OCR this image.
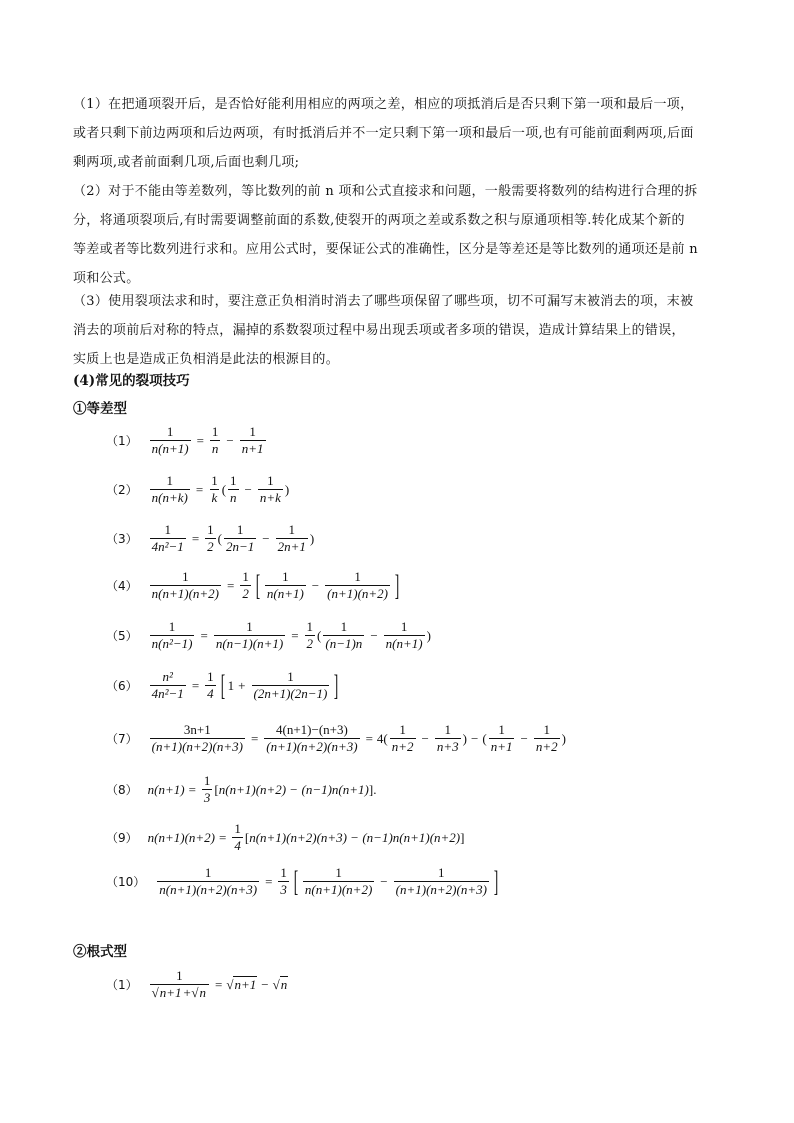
（1）在把通项裂开后，是否恰好能利用相应的两项之差，相应的项抵消后是否只剩下第一项和最后一项，
或者只剩下前边两项和后边两项，有时抵消后并不一定只剩下第一项和最后一项,也有可能前面剩两项,后面
剩两项,或者前面剩几项,后面也剩几项;
（2）对于不能由等差数列，等比数列的前 n 项和公式直接求和问题，一般需要将数列的结构进行合理的拆
分，将通项裂项后,有时需要调整前面的系数,使裂开的两项之差或系数之积与原通项相等.转化成某个新的
等差或者等比数列进行求和。应用公式时，要保证公式的准确性，区分是等差还是等比数列的通项还是前 n
项和公式。
（3）使用裂项法求和时，要注意正负相消时消去了哪些项保留了哪些项，切不可漏写末被消去的项，末被
消去的项前后对称的特点，漏掉的系数裂项过程中易出现丢项或者多项的错误，造成计算结果上的错误，
实质上也是造成正负相消是此法的根源目的。
(4)常见的裂项技巧
①等差型
$(1) \frac{1}{n(n+1)} = \frac{1}{n} - \frac{1}{n+1}$
$(2) \frac{1}{n(n+k)} = \frac{1}{k}$ ( $\frac{1}{n} - \frac{1}{n+k}$ )
$(3) \frac{1}{\text{4n²−1}} = \frac{1}{2}$ ( $\frac{1}{2n-1} - \frac{1}{2n+1}$ )
$(4) \frac{1}{n(n+1)(n+2)} = \frac{1}{2}$ [ $\frac{1}{n(n+1)} - \frac{1}{(n+1)(n+2)}$ ]
$(5) \frac{1}{\text{n(n²−1)}} = \frac{1}{n(n-1)(n+1)} = \frac{1}{2}$ ( $\frac{1}{(n-1)n} - \frac{1}{n(n+1)}$ )
$(6) \frac{\text{n²}}{\text{4n²−1}} = \frac{1}{4}$ [ $1 + \frac{1}{(2n+1)(2n-1)}$ ]
$(7) \frac{3n+1}{(n+1)(n+2)(n+3)} = \frac{4(n+1)-(n+3)}{(n+1)(n+2)(n+3)} = 4( \frac{1}{n+2} - \frac{1}{n+3}$ ) − ( $\frac{1}{n+1} - \frac{1}{n+2}$ )
（8） $n(n+1) = \frac{1}{3}$ [ n(n+1)(n+2) − (n−1)n(n+1) ].
（9） $n(n+1)(n+2) = \frac{1}{4}$ [ n(n+1)(n+2)(n+3) − (n−1)n(n+1)(n+2) ]
$(10) \frac{1}{n(n+1)(n+2)(n+3)} = \frac{1}{3}$ [ $\frac{1}{n(n+1)(n+2)} - \frac{1}{(n+1)(n+2)(n+3)}$ ]
②根式型
$(1) \frac{1}{√n+1+√n}$ = √ n+1 − √ n
